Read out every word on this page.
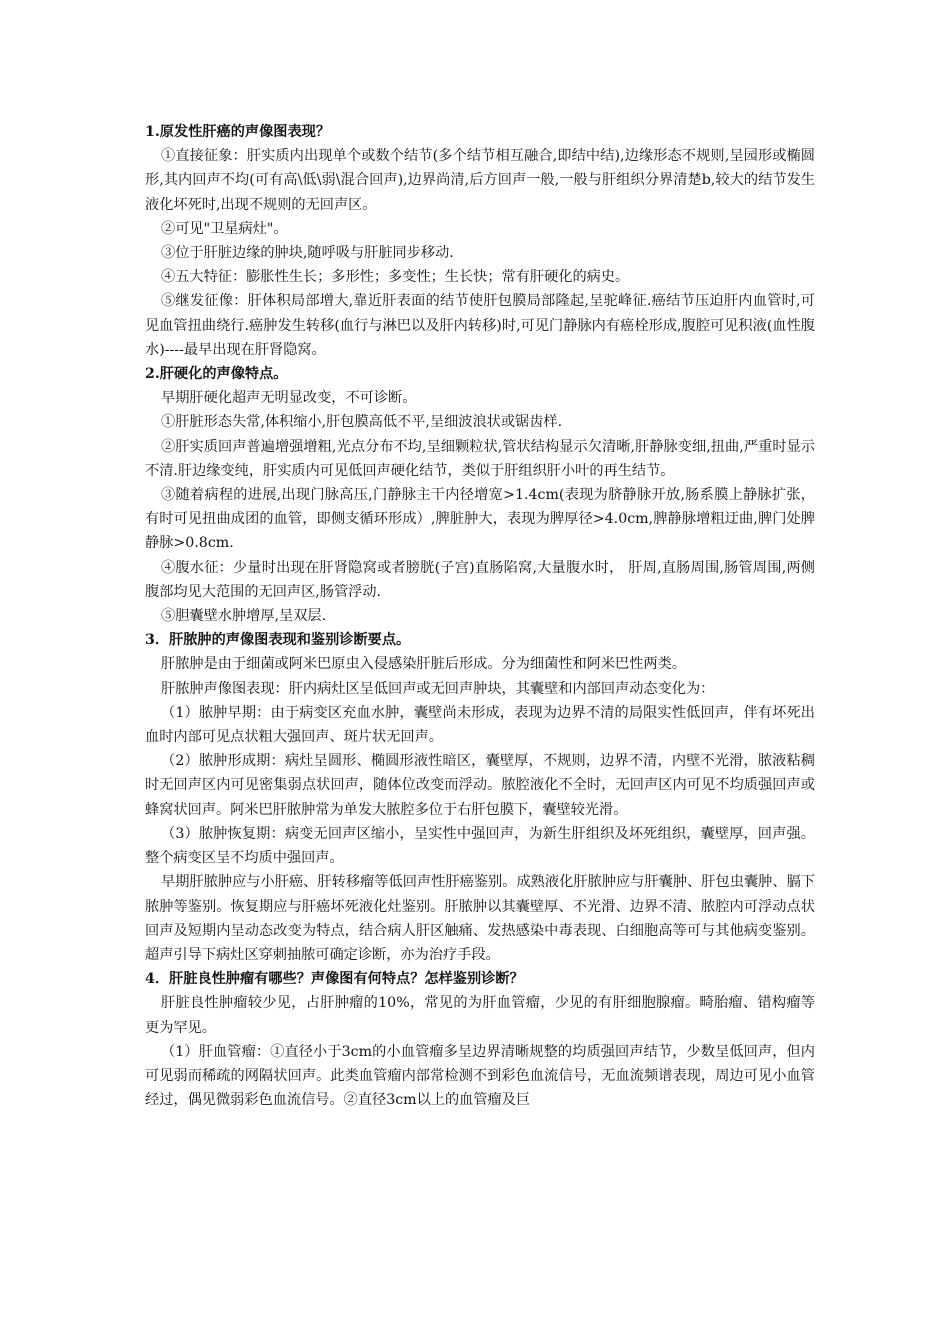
1.原发性肝癌的声像图表现？

①直接征象：肝实质内出现单个或数个结节(多个结节相互融合,即结中结),边缘形态不规则,呈园形或椭圆形,其内回声不均(可有高\低\弱\混合回声),边界尚清,后方回声一般,一般与肝组织分界清楚b,较大的结节发生液化坏死时,出现不规则的无回声区。

②可见"卫星病灶"。

③位于肝脏边缘的肿块,随呼吸与肝脏同步移动.

④五大特征：膨胀性生长；多形性；多变性；生长快；常有肝硬化的病史。

⑤继发征像：肝体积局部增大,靠近肝表面的结节使肝包膜局部隆起,呈驼峰征.癌结节压迫肝内血管时,可见血管扭曲绕行.癌肿发生转移(血行与淋巴以及肝内转移)时,可见门静脉内有癌栓形成,腹腔可见积液(血性腹水)----最早出现在肝肾隐窝。

2.肝硬化的声像特点。

早期肝硬化超声无明显改变，不可诊断。

①肝脏形态失常,体积缩小,肝包膜高低不平,呈细波浪状或锯齿样.

②肝实质回声普遍增强增粗,光点分布不均,呈细颗粒状,管状结构显示欠清晰,肝静脉变细,扭曲,严重时显示不清.肝边缘变纯，肝实质内可见低回声硬化结节，类似于肝组织肝小叶的再生结节。

③随着病程的进展,出现门脉高压,门静脉主干内径增宽>1.4cm(表现为脐静脉开放,肠系膜上静脉扩张，有时可见扭曲成团的血管，即侧支循环形成）,脾脏肿大，表现为脾厚径>4.0cm,脾静脉增粗迂曲,脾门处脾静脉>0.8cm.

④腹水征：少量时出现在肝肾隐窝或者膀胱(子宫)直肠陷窝,大量腹水时， 肝周,直肠周围,肠管周围,两侧腹部均见大范围的无回声区,肠管浮动.

⑤胆囊壁水肿增厚,呈双层.

3．肝脓肿的声像图表现和鉴别诊断要点。

肝脓肿是由于细菌或阿米巴原虫入侵感染肝脏后形成。分为细菌性和阿米巴性两类。

肝脓肿声像图表现：肝内病灶区呈低回声或无回声肿块，其囊壁和内部回声动态变化为：

（1）脓肿早期：由于病变区充血水肿，囊壁尚未形成，表现为边界不清的局限实性低回声，伴有坏死出血时内部可见点状粗大强回声、斑片状无回声。

（2）脓肿形成期：病灶呈圆形、椭圆形液性暗区，囊壁厚，不规则，边界不清，内壁不光滑，脓液粘稠时无回声区内可见密集弱点状回声，随体位改变而浮动。脓腔液化不全时，无回声区内可见不均质强回声或蜂窝状回声。阿米巴肝脓肿常为单发大脓腔多位于右肝包膜下，囊壁较光滑。

（3）脓肿恢复期：病变无回声区缩小，呈实性中强回声，为新生肝组织及坏死组织，囊壁厚，回声强。整个病变区呈不均质中强回声。

早期肝脓肿应与小肝癌、肝转移瘤等低回声性肝癌鉴别。成熟液化肝脓肿应与肝囊肿、肝包虫囊肿、膈下脓肿等鉴别。恢复期应与肝癌坏死液化灶鉴别。肝脓肿以其囊壁厚、不光滑、边界不清、脓腔内可浮动点状回声及短期内呈动态改变为特点，结合病人肝区触痛、发热感染中毒表现、白细胞高等可与其他病变鉴别。超声引导下病灶区穿刺抽脓可确定诊断，亦为治疗手段。

4．肝脏良性肿瘤有哪些？声像图有何特点？怎样鉴别诊断？

肝脏良性肿瘤较少见，占肝肿瘤的10%，常见的为肝血管瘤，少见的有肝细胞腺瘤。畸胎瘤、错构瘤等更为罕见。

（1）肝血管瘤：①直径小于3cm的小血管瘤多呈边界清晰规整的均质强回声结节，少数呈低回声，但内可见弱而稀疏的网隔状回声。此类血管瘤内部常检测不到彩色血流信号，无血流频谱表现，周边可见小血管经过，偶见微弱彩色血流信号。②直径3cm以上的血管瘤及巨
